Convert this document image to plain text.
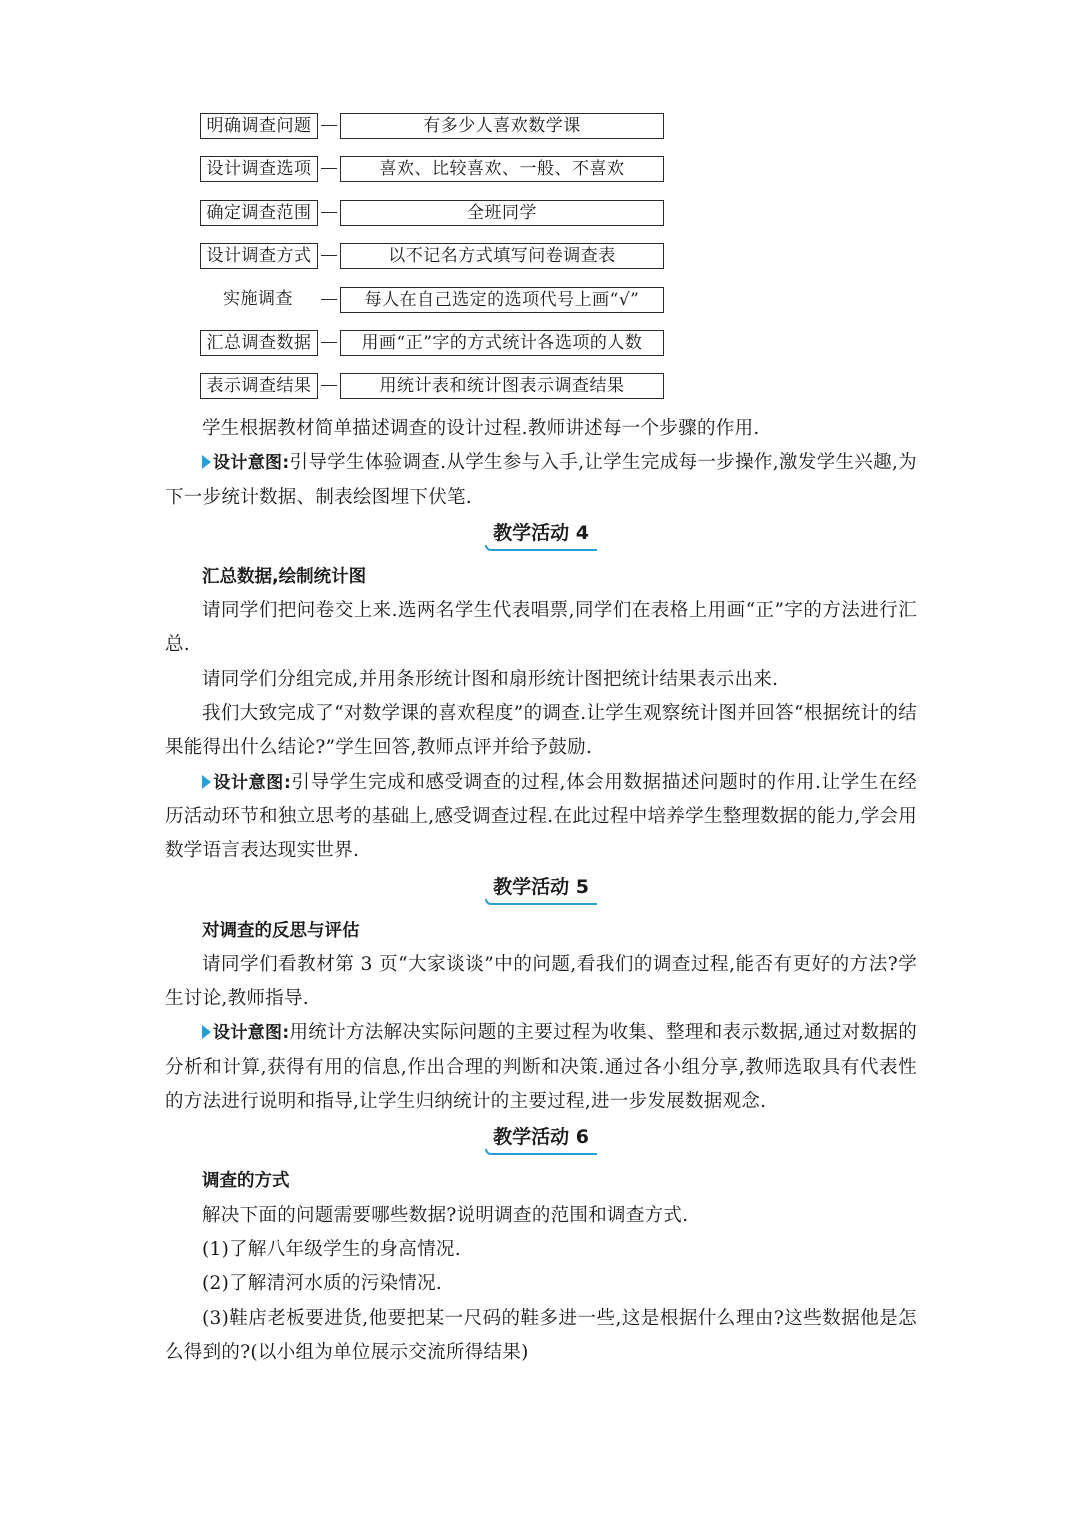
明确调查问题	有多少人喜欢数学课
设计调查选项	喜欢、比较喜欢、一般、不喜欢
确定调查范围	全班同学
设计调查方式	以不记名方式填写问卷调查表
实施调查	每人在自己选定的选项代号上画“√”
汇总调查数据	用画“正”字的方式统计各选项的人数
表示调查结果	用统计表和统计图表示调查结果

学生根据教材简单描述调查的设计过程.教师讲述每一个步骤的作用.

设计意图:引导学生体验调查.从学生参与入手,让学生完成每一步操作,激发学生兴趣,为下一步统计数据、制表绘图埋下伏笔.

教学活动 4
汇总数据,绘制统计图

请同学们把问卷交上来.选两名学生代表唱票,同学们在表格上用画“正”字的方法进行汇总.

请同学们分组完成,并用条形统计图和扇形统计图把统计结果表示出来.

我们大致完成了“对数学课的喜欢程度”的调查.让学生观察统计图并回答“根据统计的结果能得出什么结论?”学生回答,教师点评并给予鼓励.

设计意图:引导学生完成和感受调查的过程,体会用数据描述问题时的作用.让学生在经历活动环节和独立思考的基础上,感受调查过程.在此过程中培养学生整理数据的能力,学会用数学语言表达现实世界.

教学活动 5
对调查的反思与评估

请同学们看教材第 3 页“大家谈谈”中的问题,看我们的调查过程,能否有更好的方法?学生讨论,教师指导.

设计意图:用统计方法解决实际问题的主要过程为收集、整理和表示数据,通过对数据的分析和计算,获得有用的信息,作出合理的判断和决策.通过各小组分享,教师选取具有代表性的方法进行说明和指导,让学生归纳统计的主要过程,进一步发展数据观念.

教学活动 6
调查的方式

解决下面的问题需要哪些数据?说明调查的范围和调查方式.

(1)了解八年级学生的身高情况.

(2)了解清河水质的污染情况.

(3)鞋店老板要进货,他要把某一尺码的鞋多进一些,这是根据什么理由?这些数据他是怎么得到的?(以小组为单位展示交流所得结果)
